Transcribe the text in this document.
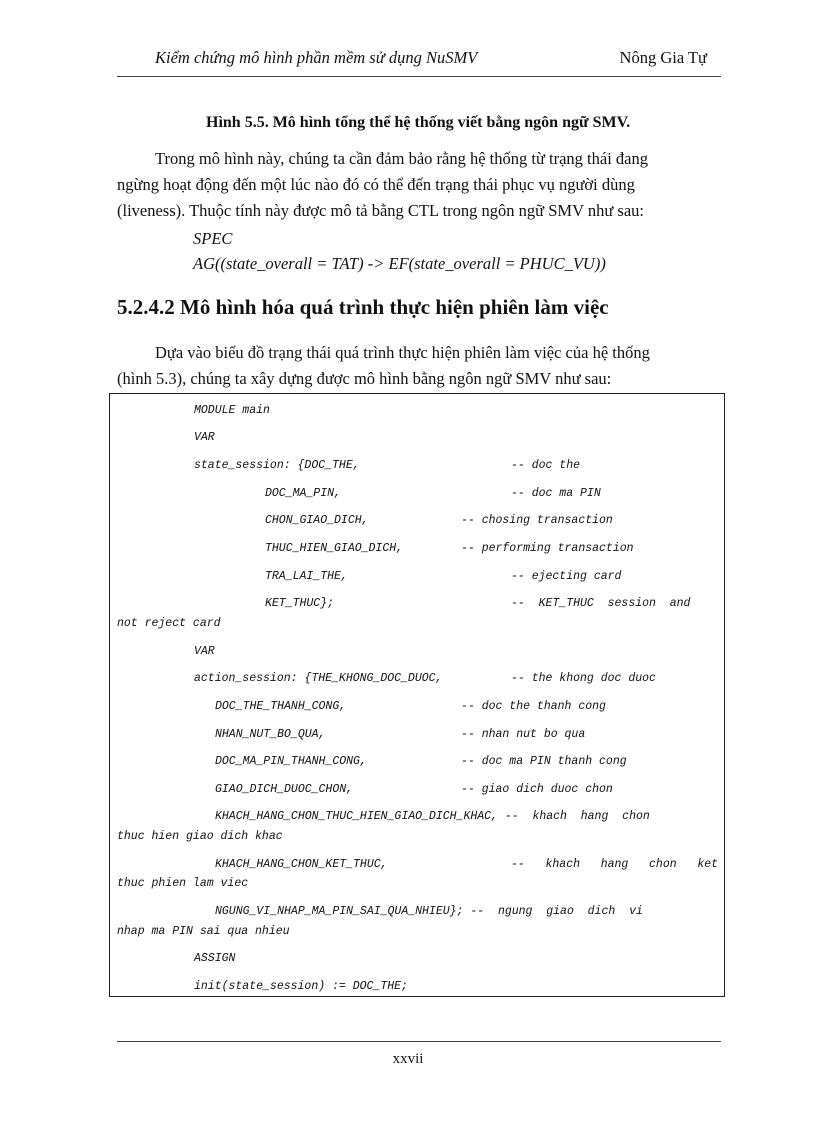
Kiểm chứng mô hình phần mềm sử dụng NuSMV	Nông Gia Tự
Hình 5.5. Mô hình tổng thể hệ thống viết bằng ngôn ngữ SMV.
Trong mô hình này, chúng ta cần đảm bảo rằng hệ thống từ trạng thái đang
ngừng hoạt động đến một lúc nào đó có thể đến trạng thái phục vụ người dùng
(liveness). Thuộc tính này được mô tả bằng CTL trong ngôn ngữ SMV như sau:
SPEC
AG((state_overall = TAT) -> EF(state_overall = PHUC_VU))
5.2.4.2 Mô hình hóa quá trình thực hiện phiên làm việc
Dựa vào biểu đồ trạng thái quá trình thực hiện phiên làm việc của hệ thống
(hình 5.3), chúng ta xây dựng được mô hình bằng ngôn ngữ SMV như sau:
MODULE main
VAR
state_session: {DOC_THE,	-- doc the
DOC_MA_PIN,	-- doc ma PIN
CHON_GIAO_DICH,	-- chosing transaction
THUC_HIEN_GIAO_DICH,	-- performing transaction
TRA_LAI_THE,	-- ejecting card
KET_THUC};	--  KET_THUC  session  and
not reject card
VAR
action_session: {THE_KHONG_DOC_DUOC,	-- the khong doc duoc
DOC_THE_THANH_CONG,	-- doc the thanh cong
NHAN_NUT_BO_QUA,	-- nhan nut bo qua
DOC_MA_PIN_THANH_CONG,	-- doc ma PIN thanh cong
GIAO_DICH_DUOC_CHON,	-- giao dich duoc chon
KHACH_HANG_CHON_THUC_HIEN_GIAO_DICH_KHAC, --  khach  hang  chon
thuc hien giao dich khac
KHACH_HANG_CHON_KET_THUC,	--   khach   hang   chon   ket
thuc phien lam viec
NGUNG_VI_NHAP_MA_PIN_SAI_QUA_NHIEU}; --  ngung  giao  dich  vi
nhap ma PIN sai qua nhieu
ASSIGN
init(state_session) := DOC_THE;
xxvii
